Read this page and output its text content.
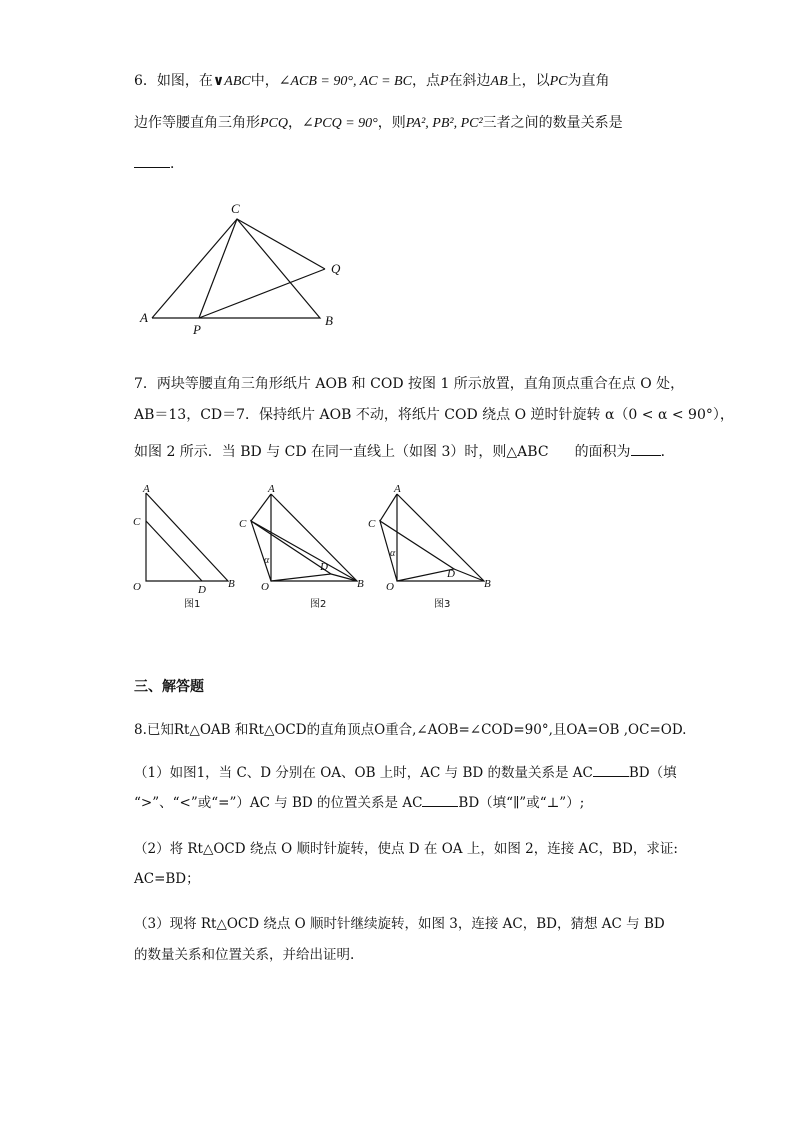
6．如图，在∨ABC中，∠ACB = 90°, AC = BC，点P在斜边AB上，以PC为直角
边作等腰直角三角形PCQ，∠PCQ = 90°，则PA², PB², PC²三者之间的数量关系是
．
C
Q
A
P
B
7．两块等腰直角三角形纸片 AOB 和 COD 按图 1 所示放置，直角顶点重合在点 O 处，
AB＝13，CD＝7．保持纸片 AOB 不动，将纸片 COD 绕点 O 逆时针旋转 α（0 < α < 90°），
如图 2 所示．当 BD 与 CD 在同一直线上（如图 3）时，则△ABC 的面积为 ．
A
C
O	D B
图1
A
C
α
D
O	B
图2
A
C
α
D
O	B
图3
三、解答题
8.已知Rt△OAB 和Rt△OCD的直角顶点O重合,∠AOB=∠COD=90°,且OA=OB ,OC=OD.
（1）如图1，当 C、D 分别在 OA、OB 上时，AC 与 BD 的数量关系是 AC	BD（填
“>”、“<”或“=”）AC 与 BD 的位置关系是 AC	BD（填“∥”或“⊥”）;
（2）将 Rt△OCD 绕点 O 顺时针旋转，使点 D 在 OA 上，如图 2，连接 AC，BD，求证:
AC=BD；
（3）现将 Rt△OCD 绕点 O 顺时针继续旋转，如图 3，连接 AC，BD，猜想 AC 与 BD
的数量关系和位置关系，并给出证明.
